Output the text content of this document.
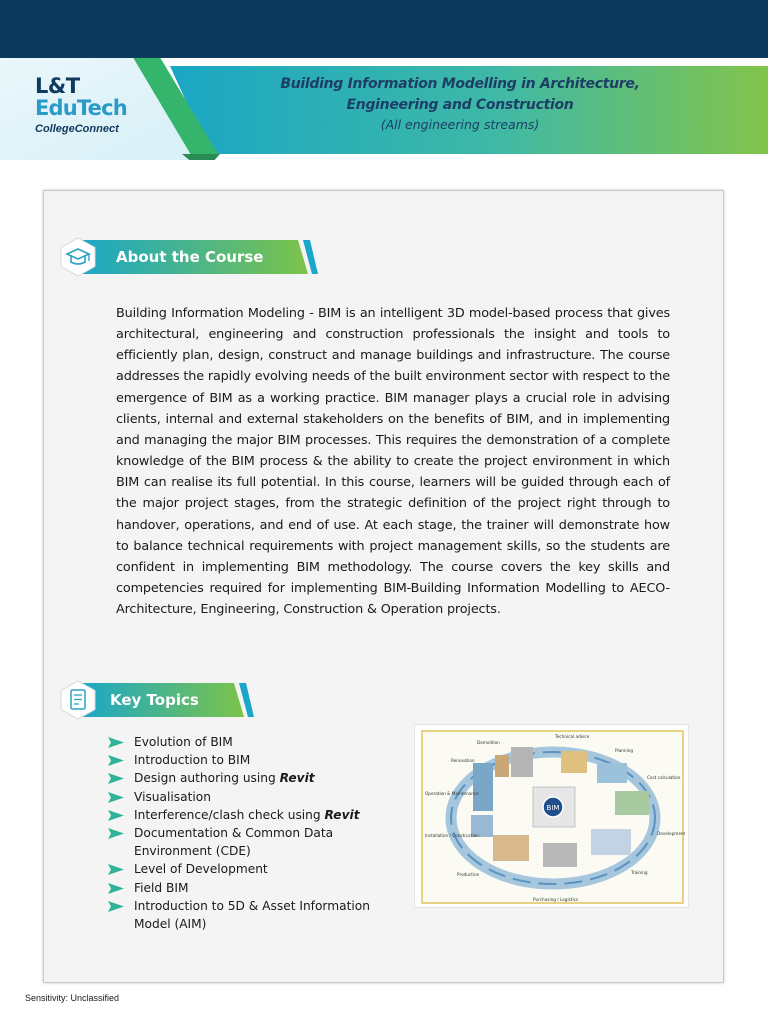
L&T
EduTech
CollegeConnect
Building Information Modelling in Architecture,
Engineering and Construction
(All engineering streams)
About the Course

Building Information Modeling - BIM is an intelligent 3D model-based process that gives architectural, engineering and construction professionals the insight and tools to efficiently plan, design, construct and manage buildings and infrastructure. The course addresses the rapidly evolving needs of the built environment sector with respect to the emergence of BIM as a working practice. BIM manager plays a crucial role in advising clients, internal and external stakeholders on the benefits of BIM, and in implementing and managing the major BIM processes. This requires the demonstration of a complete knowledge of the BIM process & the ability to create the project environment in which BIM can realise its full potential. In this course, learners will be guided through each of the major project stages, from the strategic definition of the project right through to handover, operations, and end of use. At each stage, the trainer will demonstrate how to balance technical requirements with project management skills, so the students are confident in implementing BIM methodology. The course covers the key skills and competencies required for implementing BIM-Building Information Modelling to AECO-Architecture, Engineering, Construction & Operation projects.

Key Topics
Evolution of BIM
Introduction to BIM
Design authoring using Revit
Visualisation
Interference/clash check using Revit
Documentation & Common Data Environment (CDE)
Level of Development
Field BIM
Introduction to 5D & Asset Information Model (AIM)
BIM
Demolition
Technical advice
Planning
Cost calculation
Renovation
Operation & Maintenance
Development
Installation / Construction
Production	Training
Purchasing / Logistics
Sensitivity: Unclassified
